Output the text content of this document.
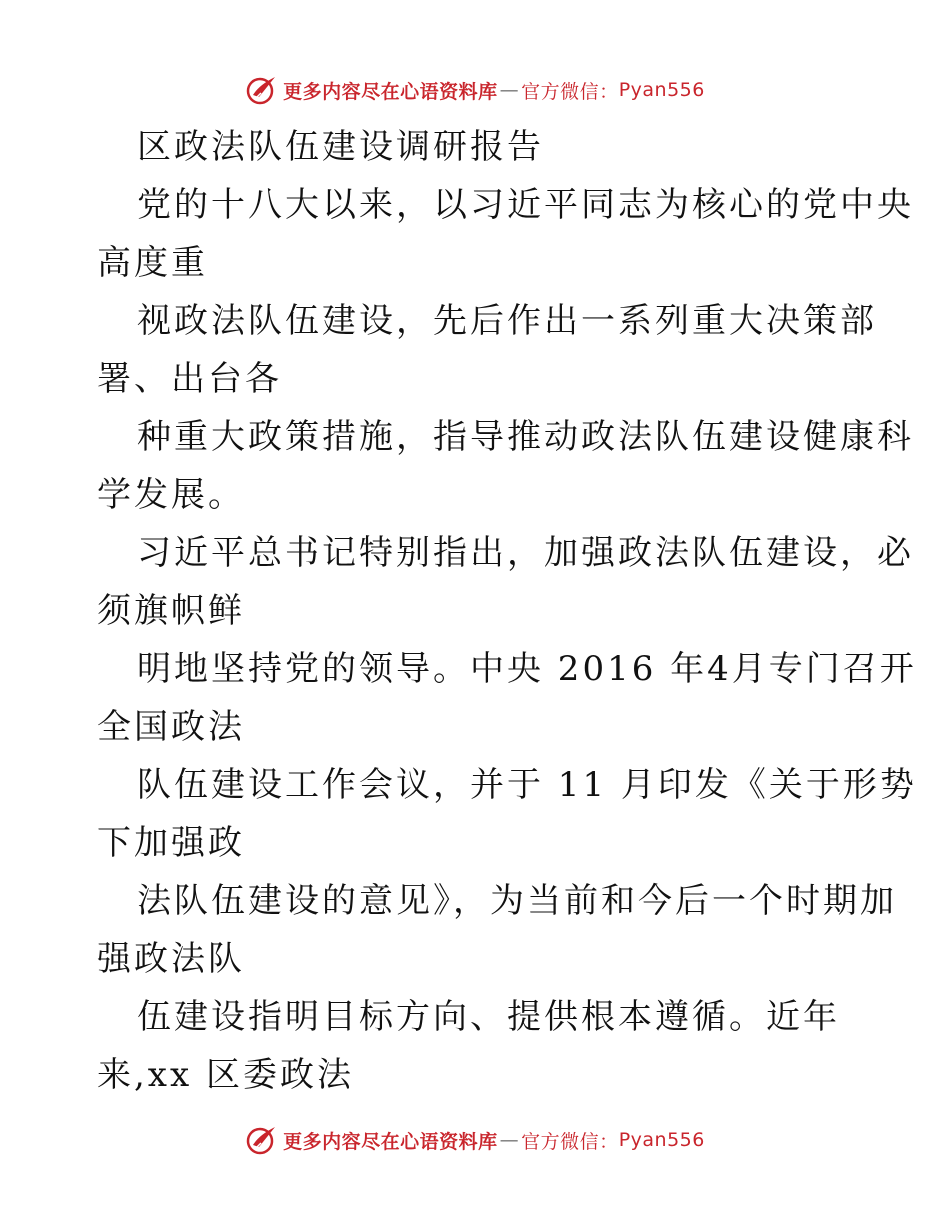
更多内容尽在心语资料库 — 官方微信： Pyan556
区政法队伍建设调研报告
党的十八大以来，以习近平同志为核心的党中央
高度重
视政法队伍建设，先后作出一系列重大决策部
署、出台各
种重大政策措施，指导推动政法队伍建设健康科
学发展。
习近平总书记特别指出，加强政法队伍建设，必
须旗帜鲜
明地坚持党的领导。中央 2016 年4月专门召开
全国政法
队伍建设工作会议，并于 11 月印发《关于形势
下加强政
法队伍建设的意见》，为当前和今后一个时期加
强政法队
伍建设指明目标方向、提供根本遵循。近年
来,xx 区委政法
更多内容尽在心语资料库 — 官方微信： Pyan556
